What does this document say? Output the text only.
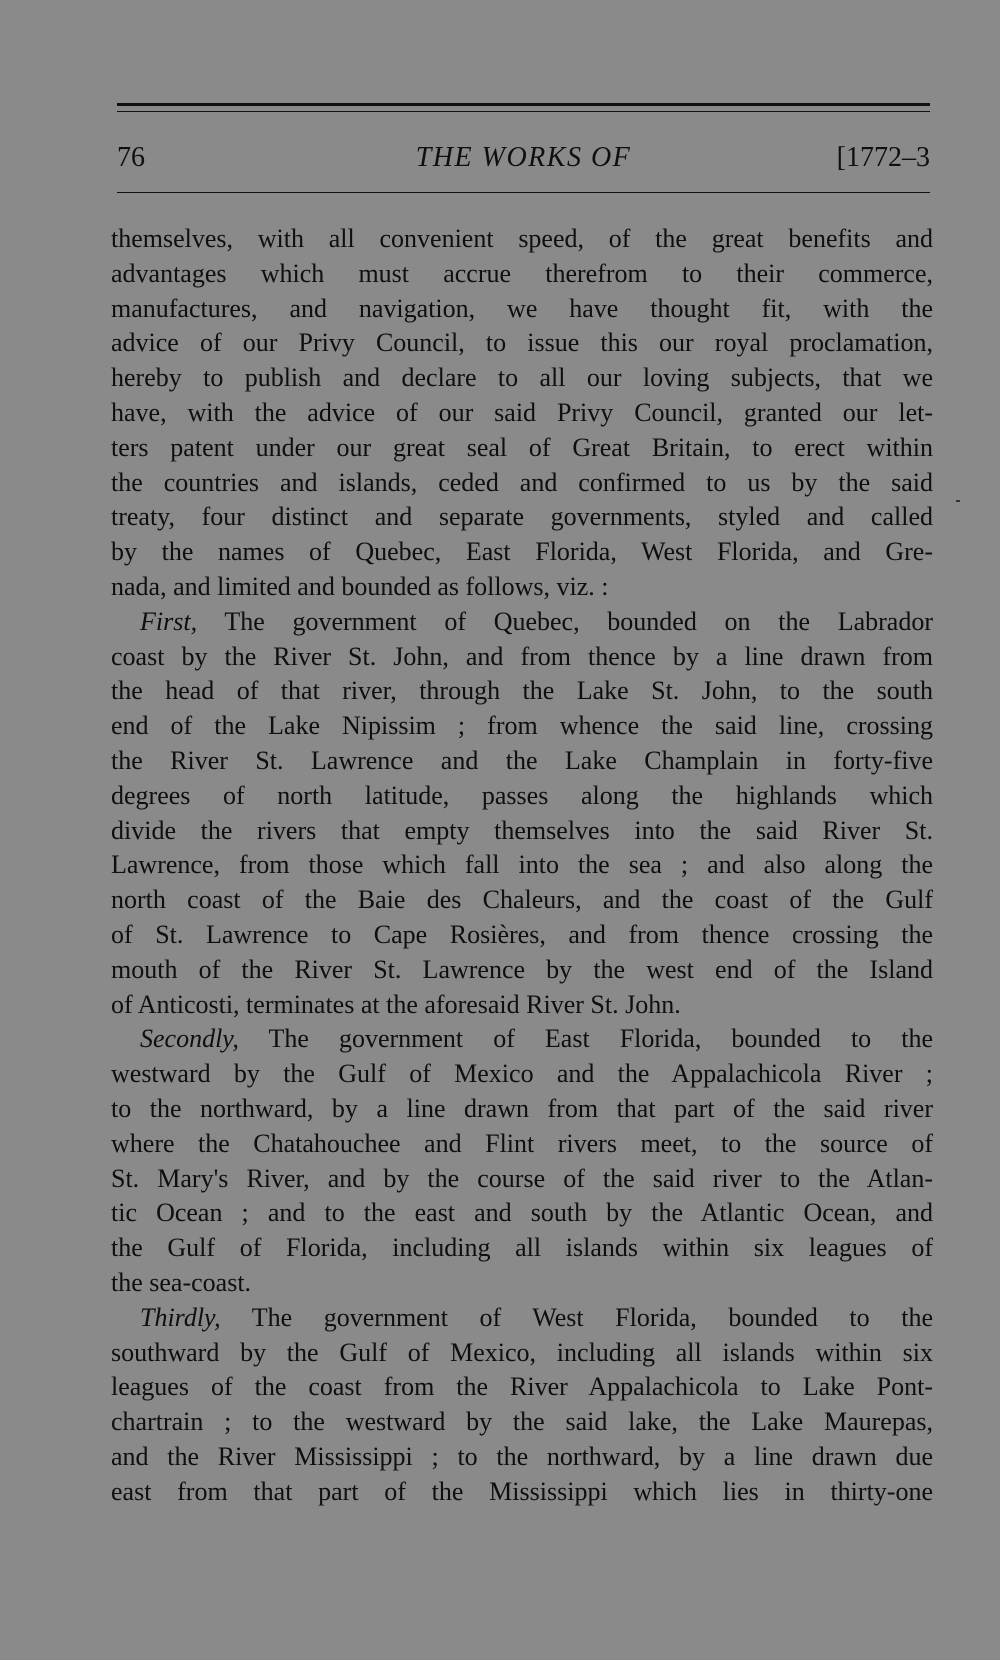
76	THE WORKS OF	[1772–3
themselves, with all convenient speed, of the great benefits and
advantages which must accrue therefrom to their commerce,
manufactures, and navigation, we have thought fit, with the
advice of our Privy Council, to issue this our royal proclamation,
hereby to publish and declare to all our loving subjects, that we
have, with the advice of our said Privy Council, granted our let-
ters patent under our great seal of Great Britain, to erect within
the countries and islands, ceded and confirmed to us by the said
treaty, four distinct and separate governments, styled and called
by the names of Quebec, East Florida, West Florida, and Gre-
nada, and limited and bounded as follows, viz. :
First, The government of Quebec, bounded on the Labrador
coast by the River St. John, and from thence by a line drawn from
the head of that river, through the Lake St. John, to the south
end of the Lake Nipissim ; from whence the said line, crossing
the River St. Lawrence and the Lake Champlain in forty-five
degrees of north latitude, passes along the highlands which
divide the rivers that empty themselves into the said River St.
Lawrence, from those which fall into the sea ; and also along the
north coast of the Baie des Chaleurs, and the coast of the Gulf
of St. Lawrence to Cape Rosières, and from thence crossing the
mouth of the River St. Lawrence by the west end of the Island
of Anticosti, terminates at the aforesaid River St. John.
Secondly, The government of East Florida, bounded to the
westward by the Gulf of Mexico and the Appalachicola River ;
to the northward, by a line drawn from that part of the said river
where the Chatahouchee and Flint rivers meet, to the source of
St. Mary's River, and by the course of the said river to the Atlan-
tic Ocean ; and to the east and south by the Atlantic Ocean, and
the Gulf of Florida, including all islands within six leagues of
the sea-coast.
Thirdly, The government of West Florida, bounded to the
southward by the Gulf of Mexico, including all islands within six
leagues of the coast from the River Appalachicola to Lake Pont-
chartrain ; to the westward by the said lake, the Lake Maurepas,
and the River Mississippi ; to the northward, by a line drawn due
east from that part of the Mississippi which lies in thirty-one
